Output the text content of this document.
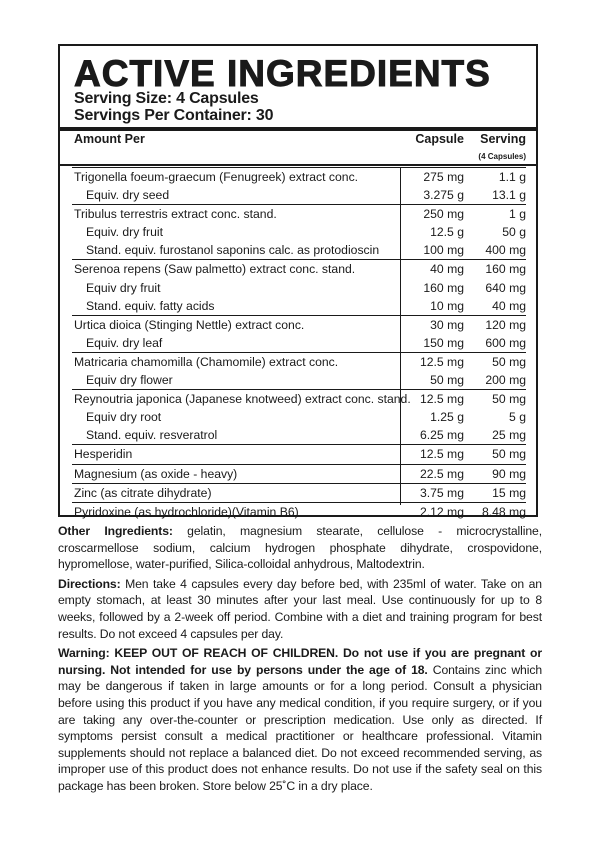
ACTIVE INGREDIENTS
Serving Size: 4 Capsules
Servings Per Container: 30
Amount Per	Capsule Serving
(4 Capsules)
Trigonella foeum-graecum (Fenugreek) extract conc.	275 mg	1.1 g
Equiv. dry seed	3.275 g 13.1 g
Tribulus terrestris extract conc. stand.	250 mg	1 g
Equiv. dry fruit	12.5 g	50 g
Stand. equiv. furostanol saponins calc. as protodioscin	100 mg 400 mg
Serenoa repens (Saw palmetto) extract conc. stand.	40 mg 160 mg
Equiv dry fruit	160 mg 640 mg
Stand. equiv. fatty acids	10 mg 40 mg
Urtica dioica (Stinging Nettle) extract conc.	30 mg 120 mg
Equiv. dry leaf	150 mg 600 mg
Matricaria chamomilla (Chamomile) extract conc.	12.5 mg 50 mg
Equiv dry flower	50 mg 200 mg
Reynoutria japonica (Japanese knotweed) extract conc. stand. 12.5 mg 50 mg
Equiv dry root	1.25 g	5 g
Stand. equiv. resveratrol	6.25 mg 25 mg
Hesperidin	12.5 mg 50 mg
Magnesium (as oxide - heavy)	22.5 mg 90 mg
Zinc (as citrate dihydrate)	3.75 mg 15 mg
Pyridoxine (as hydrochloride)(Vitamin B6)	2.12 mg 8.48 mg

Other Ingredients: gelatin, magnesium stearate, cellulose - microcrystalline, croscarmellose sodium, calcium hydrogen phosphate dihydrate, crospovidone, hypromellose, water-purified, Silica-colloidal anhydrous, Maltodextrin.

Directions: Men take 4 capsules every day before bed, with 235ml of water. Take on an empty stomach, at least 30 minutes after your last meal. Use continuously for up to 8 weeks, followed by a 2-week off period. Combine with a diet and training program for best results. Do not exceed 4 capsules per day.

Warning: KEEP OUT OF REACH OF CHILDREN. Do not use if you are pregnant or nursing. Not intended for use by persons under the age of 18. Contains zinc which may be dangerous if taken in large amounts or for a long period. Consult a physician before using this product if you have any medical condition, if you require surgery, or if you are taking any over-the-counter or prescription medication. Use only as directed. If symptoms persist consult a medical practitioner or healthcare professional. Vitamin supplements should not replace a balanced diet. Do not exceed recommended serving, as improper use of this product does not enhance results. Do not use if the safety seal on this package has been broken. Store below 25˚C in a dry place.
